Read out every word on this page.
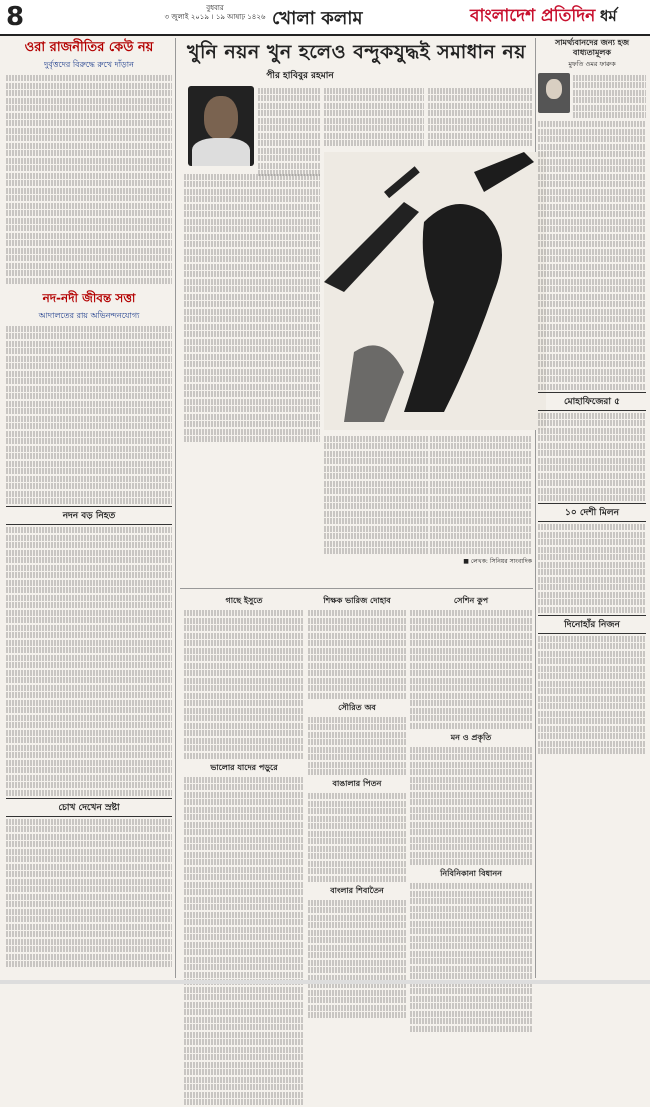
8	বুধবার
৩ জুলাই ২০১৯ । ১৯ আষাঢ় ১৪২৬ খোলা কলাম	বাংলাদেশ প্রতিদিন ধর্ম
ওরা রাজনীতির কেউ নয়
দুর্বৃত্তদের বিরুদ্ধে রুখে দাঁড়ান
নদ-নদী জীবন্ত সত্তা
আদালতের রায় অভিনন্দনযোগ্য
নদন বড় নিহত
চোখ দেখেন স্রষ্টা
খুনি নয়ন খুন হলেও বন্দুকযুদ্ধই সমাধান নয়
পীর হাবিবুর রহমান
■ লেখক: সিনিয়র সাংবাদিক
গাছে ইসুতে
ভালোর যাদের পড়ুরে
শিক্ষক ভারিজ দোহাব
সৌরিত অব
বাঙালার পিতন
বাংলার শিবাতৈন
সেশিন কুপ
মন ও প্রকৃতি
নিবিনিকানা বিধানন
সামর্থ্যবানদের জন্য হজ বাধ্যতামূলক
মুফতি ওমর ফারুক
মোহাফিজেরা ৫
১০ দেশী মিলন
দিনোহাঁর নিজন
